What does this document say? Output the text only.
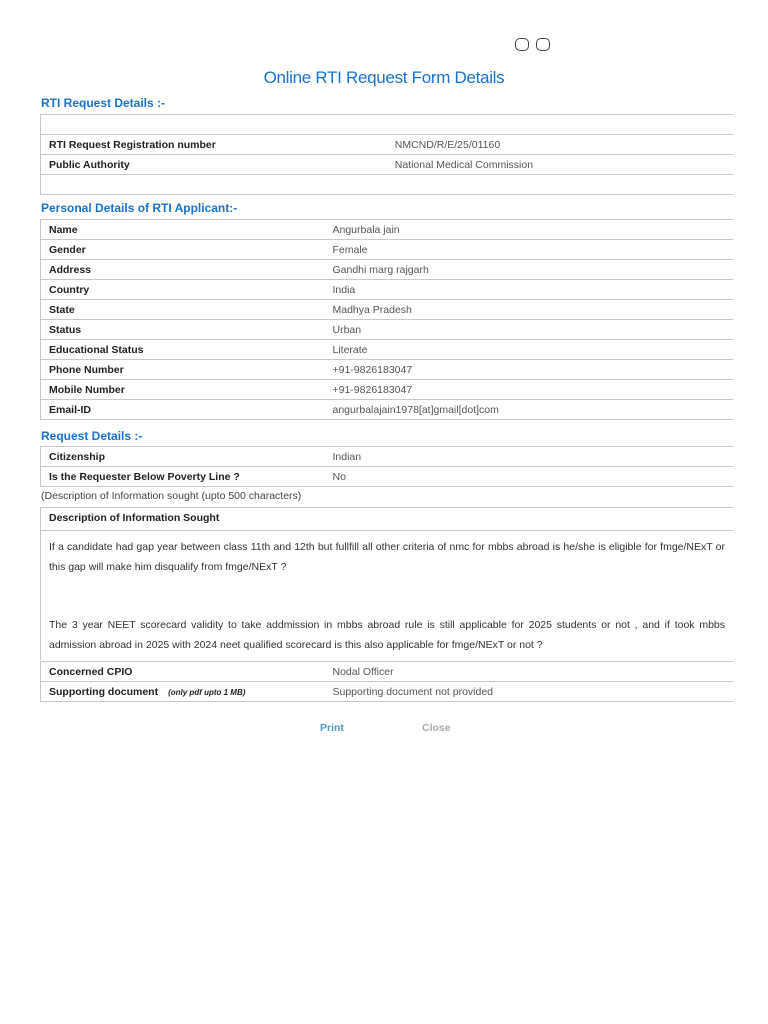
Online RTI Request Form Details
RTI Request Details :-

RTI Request Registration number	NMCND/R/E/25/01160
Public Authority	National Medical Commission

Personal Details of RTI Applicant:-
Name	Angurbala jain
Gender	Female
Address	Gandhi marg rajgarh
Country	India
State	Madhya Pradesh
Status	Urban
Educational Status	Literate
Phone Number	+91-9826183047
Mobile Number	+91-9826183047
Email-ID	angurbalajain1978[at]gmail[dot]com
Request Details :-
Citizenship	Indian
Is the Requester Below Poverty Line ?	No
(Description of Information sought (upto 500 characters)
Description of Information Sought

If a candidate had gap year between class 11th and 12th but fullfill all other criteria of nmc for mbbs abroad is he/she is eligible for fmge/NExT or this gap will make him disqualify from fmge/NExT ?

The 3 year NEET scorecard validity to take addmission in mbbs abroad rule is still applicable for 2025 students or not , and if took mbbs admission abroad in 2025 with 2024 neet qualified scorecard is this also applicable for fmge/NExT or not ?

Concerned CPIO	Nodal Officer
Supporting document (only pdf upto 1 MB)	Supporting document not provided
Print	Close
